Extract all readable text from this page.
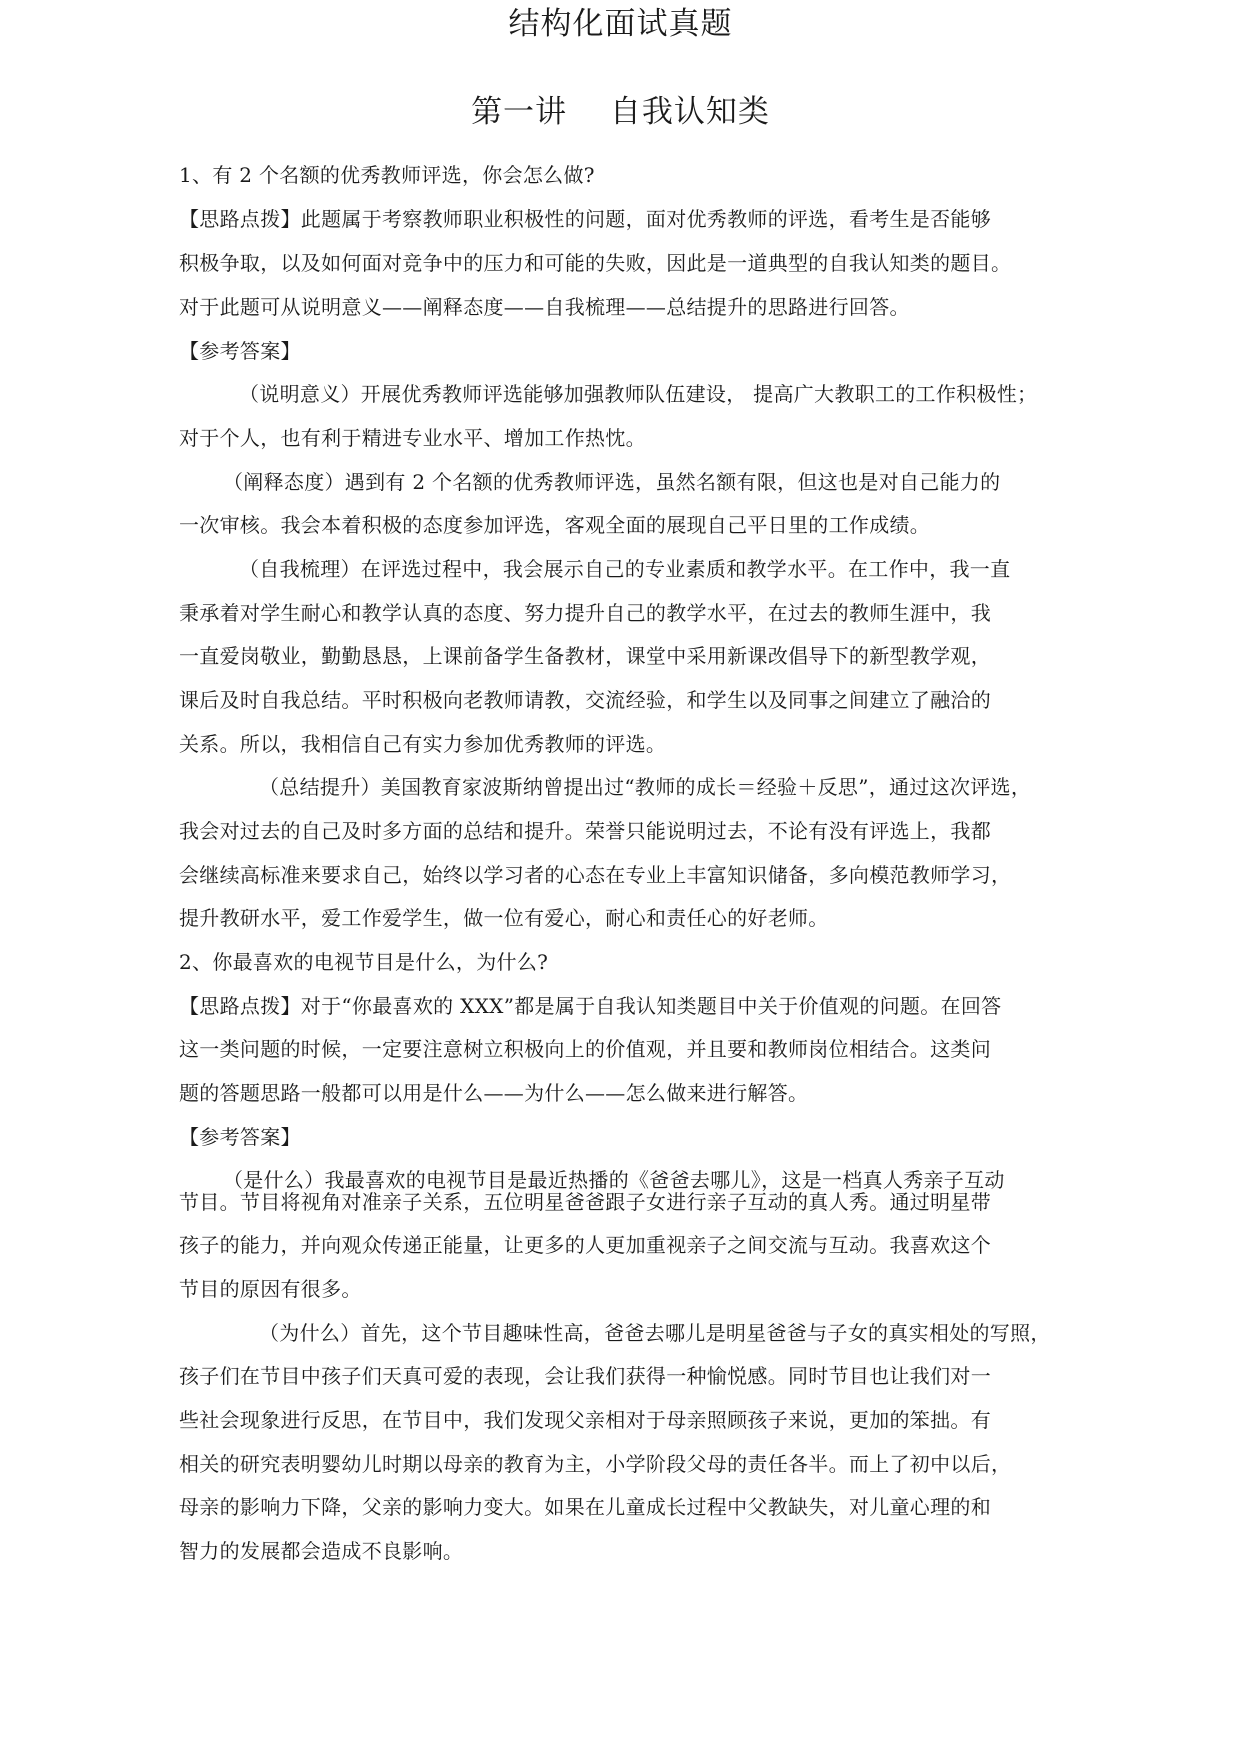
结构化面试真题
第一讲　 自我认知类
1、有 2 个名额的优秀教师评选，你会怎么做?
【思路点拨】此题属于考察教师职业积极性的问题，面对优秀教师的评选，看考生是否能够
积极争取，以及如何面对竞争中的压力和可能的失败，因此是一道典型的自我认知类的题目。
对于此题可从说明意义——阐释态度——自我梳理——总结提升的思路进行回答。
【参考答案】
（说明意义）开展优秀教师评选能够加强教师队伍建设， 提高广大教职工的工作积极性；
对于个人，也有利于精进专业水平、增加工作热忱。
（阐释态度）遇到有 2 个名额的优秀教师评选，虽然名额有限，但这也是对自己能力的
一次审核。我会本着积极的态度参加评选，客观全面的展现自己平日里的工作成绩。
（自我梳理）在评选过程中，我会展示自己的专业素质和教学水平。在工作中，我一直
秉承着对学生耐心和教学认真的态度、努力提升自己的教学水平，在过去的教师生涯中，我
一直爱岗敬业，勤勤恳恳，上课前备学生备教材，课堂中采用新课改倡导下的新型教学观，
课后及时自我总结。平时积极向老教师请教，交流经验，和学生以及同事之间建立了融洽的
关系。所以，我相信自己有实力参加优秀教师的评选。
（总结提升）美国教育家波斯纳曾提出过“教师的成长＝经验＋反思”，通过这次评选，
我会对过去的自己及时多方面的总结和提升。荣誉只能说明过去，不论有没有评选上，我都
会继续高标准来要求自己，始终以学习者的心态在专业上丰富知识储备，多向模范教师学习，
提升教研水平，爱工作爱学生，做一位有爱心，耐心和责任心的好老师。
2、你最喜欢的电视节目是什么，为什么?
【思路点拨】对于“你最喜欢的 XXX”都是属于自我认知类题目中关于价值观的问题。在回答
这一类问题的时候，一定要注意树立积极向上的价值观，并且要和教师岗位相结合。这类问
题的答题思路一般都可以用是什么——为什么——怎么做来进行解答。
【参考答案】
（是什么）我最喜欢的电视节目是最近热播的《爸爸去哪儿》，这是一档真人秀亲子互动
节目。节目将视角对准亲子关系，五位明星爸爸跟子女进行亲子互动的真人秀。通过明星带
孩子的能力，并向观众传递正能量，让更多的人更加重视亲子之间交流与互动。我喜欢这个
节目的原因有很多。
（为什么）首先，这个节目趣味性高，爸爸去哪儿是明星爸爸与子女的真实相处的写照，
孩子们在节目中孩子们天真可爱的表现，会让我们获得一种愉悦感。同时节目也让我们对一
些社会现象进行反思，在节目中，我们发现父亲相对于母亲照顾孩子来说，更加的笨拙。有
相关的研究表明婴幼儿时期以母亲的教育为主，小学阶段父母的责任各半。而上了初中以后，
母亲的影响力下降，父亲的影响力变大。如果在儿童成长过程中父教缺失，对儿童心理的和
智力的发展都会造成不良影响。
